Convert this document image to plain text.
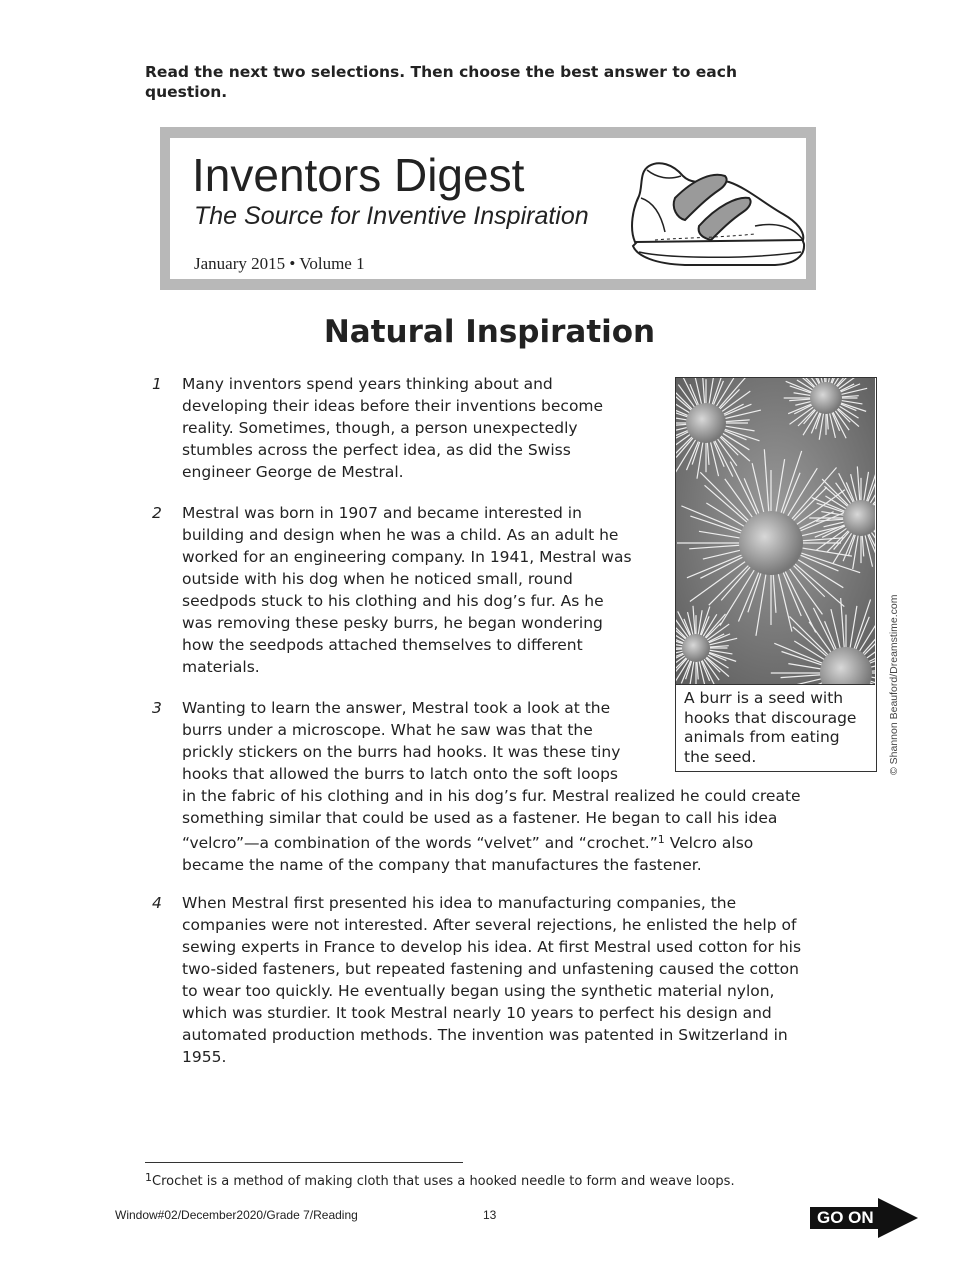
Read the next two selections. Then choose the best answer to each question.
Inventors Digest
The Source for Inventive Inspiration
January 2015 • Volume 1
Natural Inspiration
1 Many inventors spend years thinking about and
developing their ideas before their inventions become
reality. Sometimes, though, a person unexpectedly
stumbles across the perfect idea, as did the Swiss
engineer George de Mestral.
2 Mestral was born in 1907 and became interested in
building and design when he was a child. As an adult he
worked for an engineering company. In 1941, Mestral was
outside with his dog when he noticed small, round
seedpods stuck to his clothing and his dog’s fur. As he
was removing these pesky burrs, he began wondering
how the seedpods attached themselves to different
materials.
3 Wanting to learn the answer, Mestral took a look at the
burrs under a microscope. What he saw was that the
prickly stickers on the burrs had hooks. It was these tiny
hooks that allowed the burrs to latch onto the soft loops
in the fabric of his clothing and in his dog’s fur. Mestral realized he could create
something similar that could be used as a fastener. He began to call his idea
“velcro”—a combination of the words “velvet” and “crochet.”$^1$ Velcro also
became the name of the company that manufactures the fastener.
4 When Mestral first presented his idea to manufacturing companies, the
companies were not interested. After several rejections, he enlisted the help of
sewing experts in France to develop his idea. At first Mestral used cotton for his
two-sided fasteners, but repeated fastening and unfastening caused the cotton
to wear too quickly. He eventually began using the synthetic material nylon,
which was sturdier. It took Mestral nearly 10 years to perfect his design and
automated production methods. The invention was patented in Switzerland in
1955.
A burr is a seed with
hooks that discourage
animals from eating
the seed.	© Shannon Beauford/Dreamstime.com
$^1$Crochet is a method of making cloth that uses a hooked needle to form and weave loops.
Window#02/December2020/Grade 7/Reading	13	GO ON
